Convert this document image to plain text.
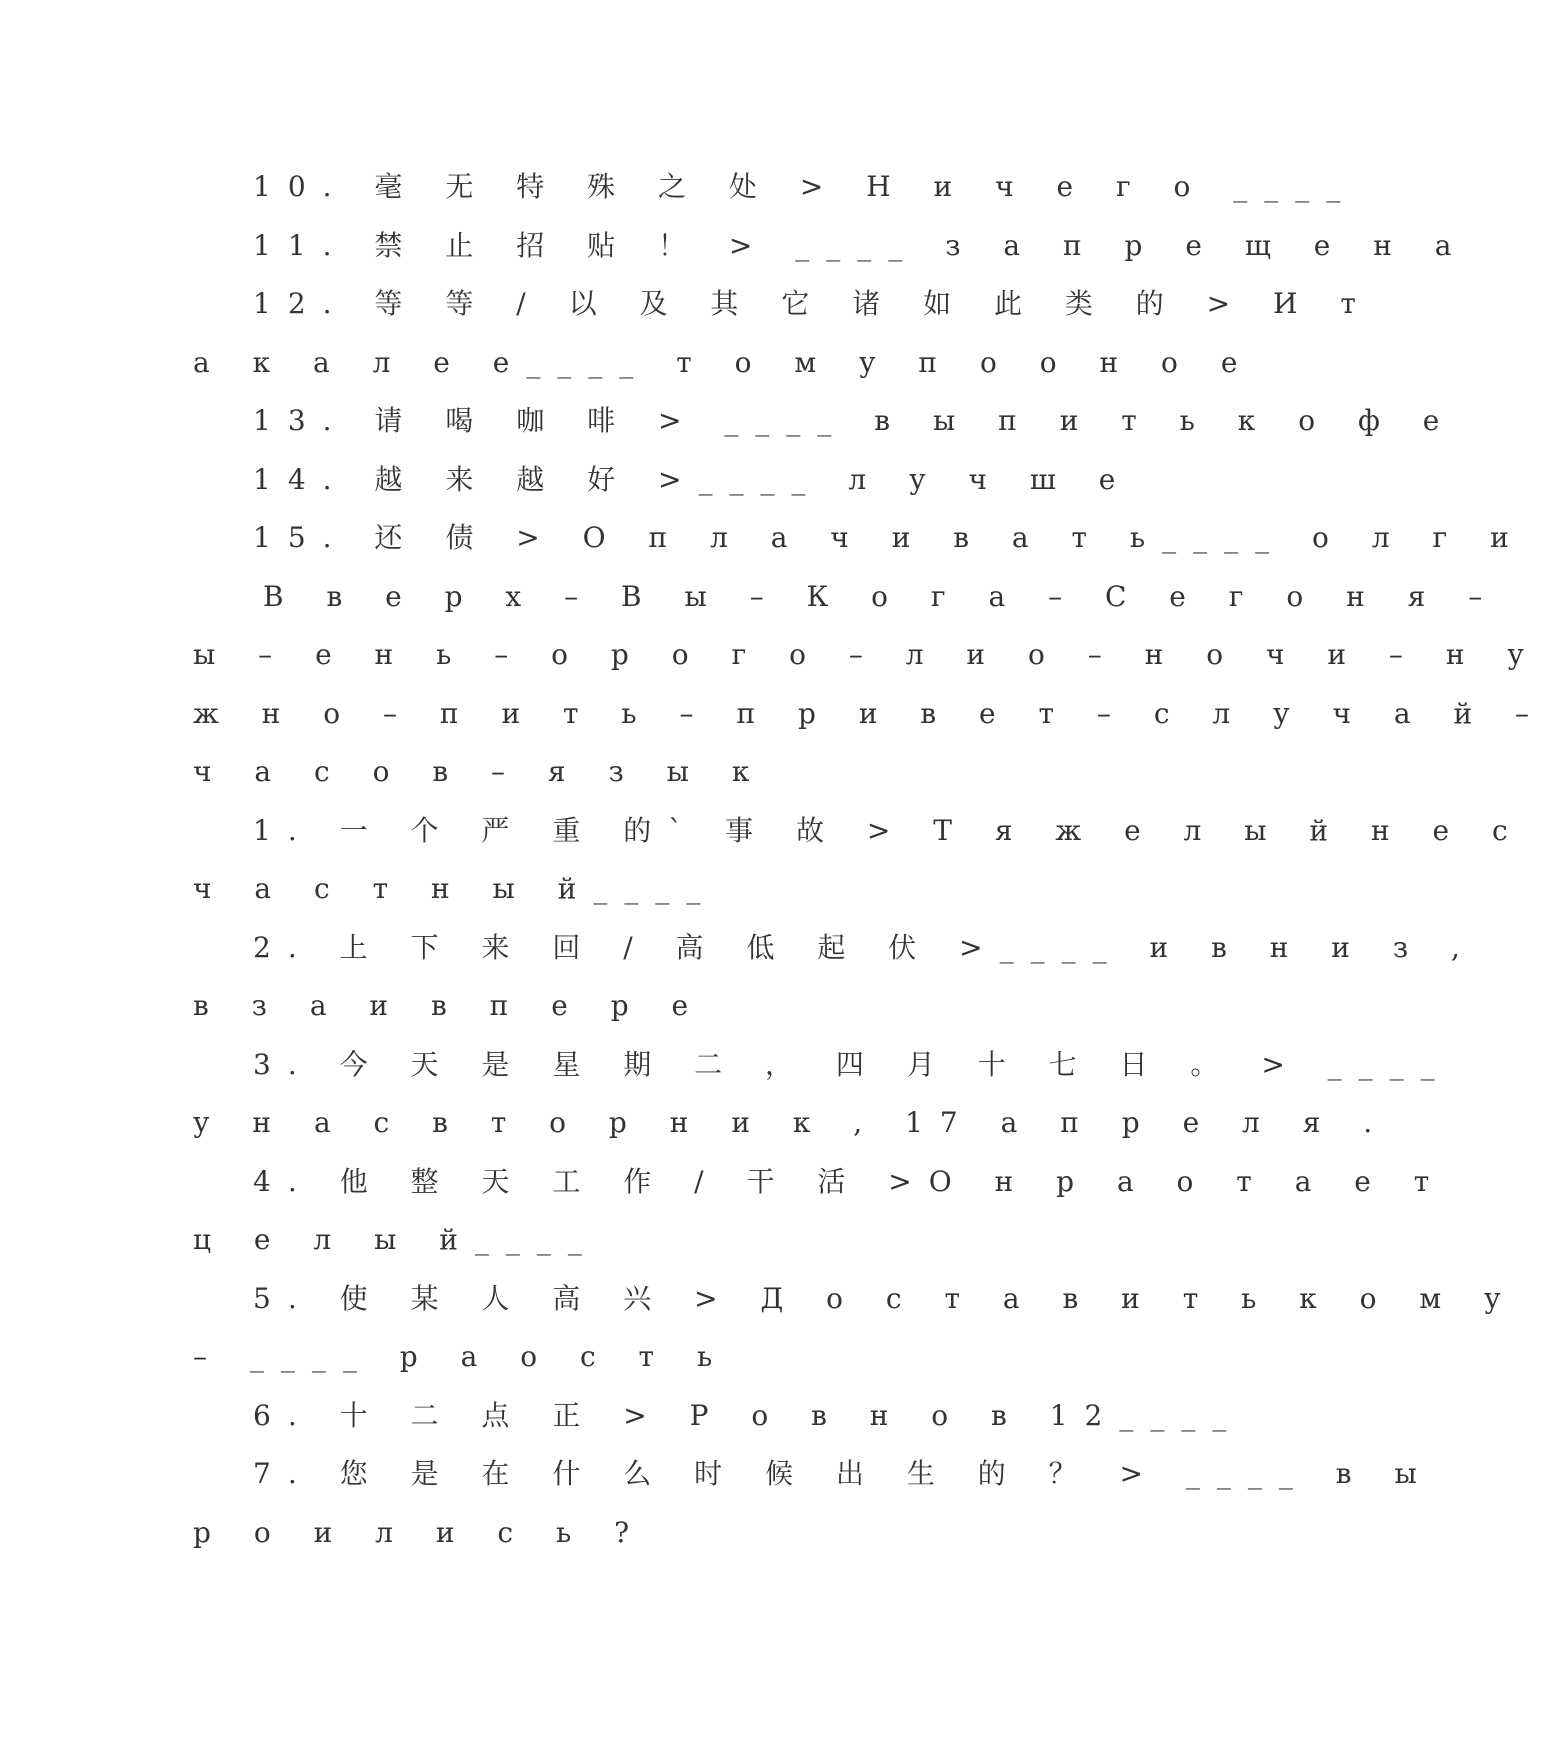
10. 毫 无 特 殊 之 处 > Н и ч е г о ____
11. 禁 止 招 贴 ！ > ____ з а п р е щ е н а
12. 等 等 / 以 及 其 它 诸 如 此 类 的 > И т
а к а л е е____ т о м у п о о н о е
13. 请 喝 咖 啡 > ____ в ы п и т ь к о ф е
14. 越 来 越 好 >____ л у ч ш е
15. 还 债 > О п л а ч и в а т ь____ о л г и
В в е р х – В ы – К о г а – С е г о н я –
ы – е н ь – о р о г о – л и о – н о ч и – н у
ж н о – п и т ь – п р и в е т – с л у ч а й –
ч а с о в – я з ы к
1. 一 个 严 重 的` 事 故 > Т я ж е л ы й н е с
ч а с т н ы й____
2. 上 下 来 回 / 高 低 起 伏 >____ и в н и з ,
в з а и в п е р е
3. 今 天 是 星 期 二 ， 四 月 十 七 日 。 > ____
у н а с в т о р н и к , 17 а п р е л я .
4. 他 整 天 工 作 / 干 活 >О н р а о т а е т
ц е л ы й____
5. 使 某 人 高 兴 > Д о с т а в и т ь к о м у
– ____ р а о с т ь
6. 十 二 点 正 > Р о в н о в 12____
7. 您 是 在 什 么 时 候 出 生 的 ？ > ____ в ы
р о и л и с ь ?
